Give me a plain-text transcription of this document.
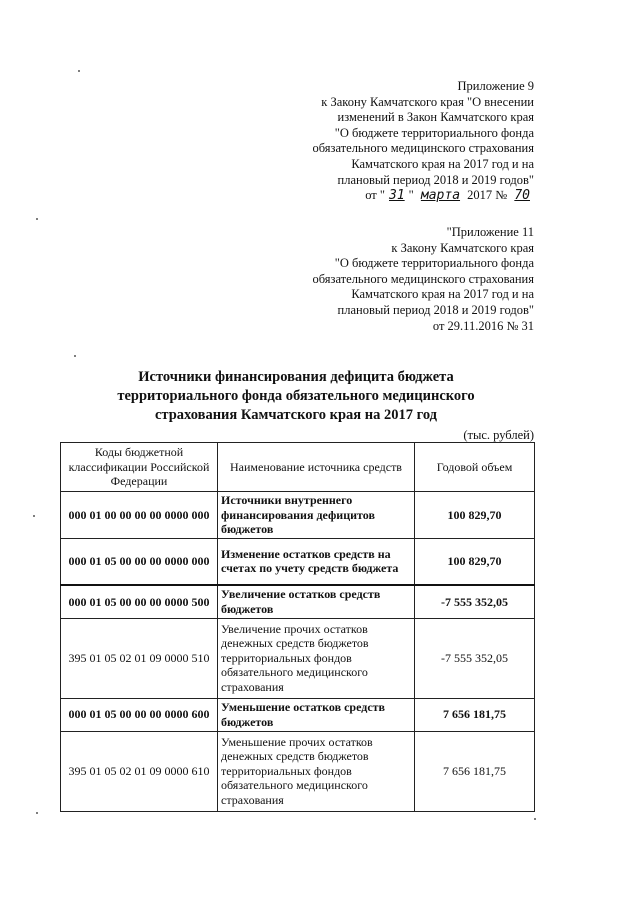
Приложение 9
к Закону Камчатского края "О внесении
изменений в Закон Камчатского края
"О бюджете территориального фонда
обязательного медицинского страхования
Камчатского края на 2017 год и на
плановый период 2018 и 2019 годов"
от " 31 " марта 2017 № 70
"Приложение 11
к Закону Камчатского края
"О бюджете территориального фонда
обязательного медицинского страхования
Камчатского края на 2017 год и на
плановый период 2018 и 2019 годов"
от 29.11.2016 № 31
Источники финансирования дефицита бюджета
территориального фонда обязательного медицинского
страхования Камчатского края на 2017 год
(тыс. рублей)
Коды бюджетной классификации Российской Федерации	Наименование источника средств	Годовой объем
000 01 00 00 00 00 0000 000	Источники внутреннего финансирования дефицитов бюджетов	100 829,70
000 01 05 00 00 00 0000 000	Изменение остатков средств на счетах по учету средств бюджета	100 829,70
000 01 05 00 00 00 0000 500	Увеличение остатков средств бюджетов	-7 555 352,05
395 01 05 02 01 09 0000 510	Увеличение прочих остатков денежных средств бюджетов территориальных фондов обязательного медицинского страхования	-7 555 352,05
000 01 05 00 00 00 0000 600	Уменьшение остатков средств бюджетов	7 656 181,75
395 01 05 02 01 09 0000 610	Уменьшение прочих остатков денежных средств бюджетов территориальных фондов обязательного медицинского страхования	7 656 181,75
